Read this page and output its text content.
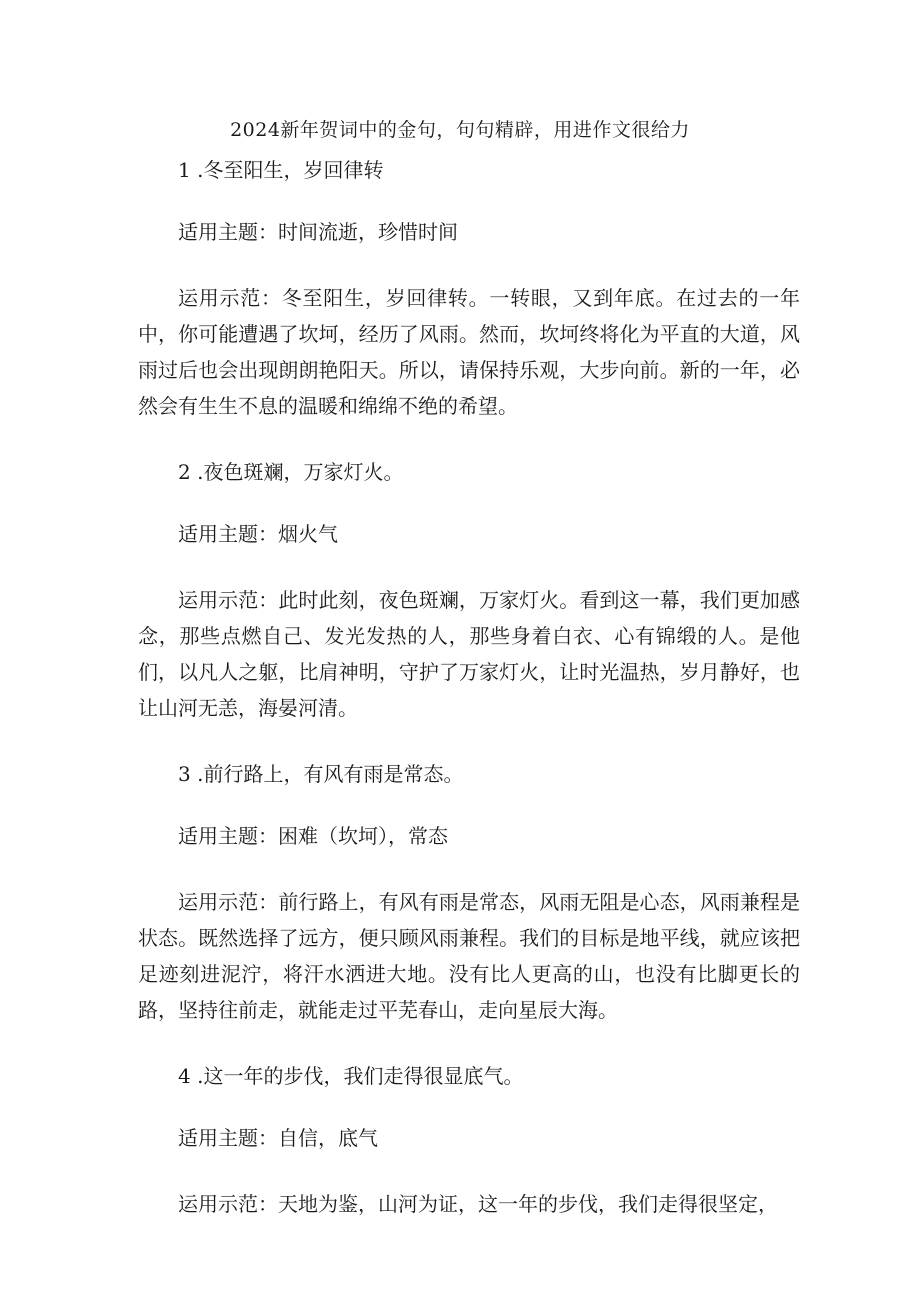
2024新年贺词中的金句，句句精辟，用进作文很给力

1 .冬至阳生，岁回律转

适用主题：时间流逝，珍惜时间

运用示范：冬至阳生，岁回律转。一转眼，又到年底。在过去的一年中，你可能遭遇了坎坷，经历了风雨。然而，坎坷终将化为平直的大道，风雨过后也会出现朗朗艳阳天。所以，请保持乐观，大步向前。新的一年，必然会有生生不息的温暖和绵绵不绝的希望。

2 .夜色斑斓，万家灯火。

适用主题：烟火气

运用示范：此时此刻，夜色斑斓，万家灯火。看到这一幕，我们更加感念，那些点燃自己、发光发热的人，那些身着白衣、心有锦缎的人。是他们，以凡人之躯，比肩神明，守护了万家灯火，让时光温热，岁月静好，也让山河无恙，海晏河清。

3 .前行路上，有风有雨是常态。

适用主题：困难（坎坷），常态

运用示范：前行路上，有风有雨是常态，风雨无阻是心态，风雨兼程是状态。既然选择了远方，便只顾风雨兼程。我们的目标是地平线，就应该把足迹刻进泥泞，将汗水洒进大地。没有比人更高的山，也没有比脚更长的路，坚持往前走，就能走过平芜春山，走向星辰大海。

4 .这一年的步伐，我们走得很显底气。

适用主题：自信，底气

运用示范：天地为鉴，山河为证，这一年的步伐，我们走得很坚定，
